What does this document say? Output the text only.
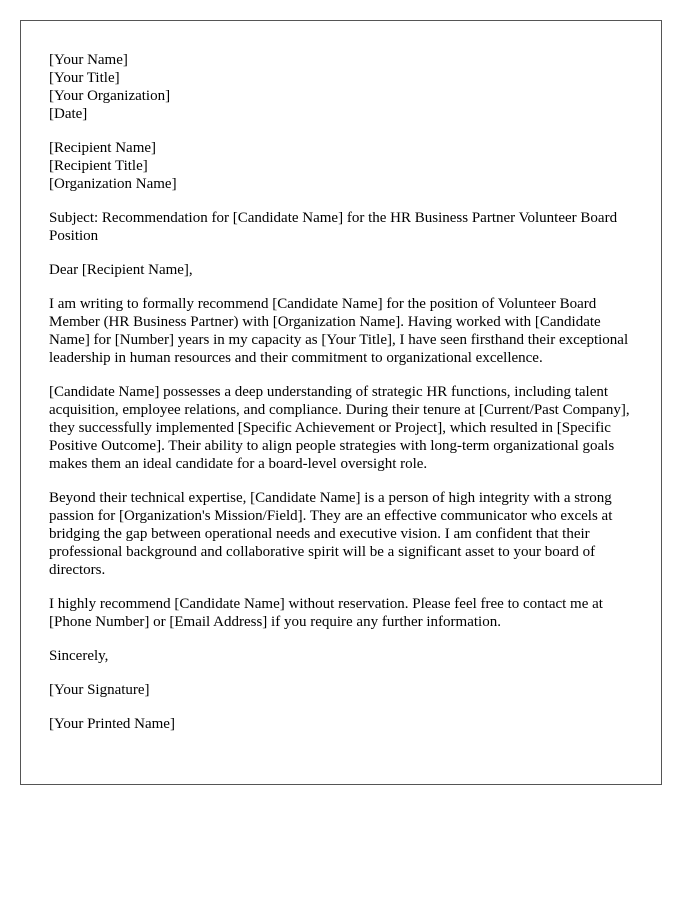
[Your Name]

[Your Title]

[Your Organization]

[Date]

[Recipient Name]

[Recipient Title]

[Organization Name]

Subject: Recommendation for [Candidate Name] for the HR Business Partner Volunteer Board Position

Dear [Recipient Name],

I am writing to formally recommend [Candidate Name] for the position of Volunteer Board Member (HR Business Partner) with [Organization Name]. Having worked with [Candidate Name] for [Number] years in my capacity as [Your Title], I have seen firsthand their exceptional leadership in human resources and their commitment to organizational excellence.

[Candidate Name] possesses a deep understanding of strategic HR functions, including talent acquisition, employee relations, and compliance. During their tenure at [Current/Past Company], they successfully implemented [Specific Achievement or Project], which resulted in [Specific Positive Outcome]. Their ability to align people strategies with long-term organizational goals makes them an ideal candidate for a board-level oversight role.

Beyond their technical expertise, [Candidate Name] is a person of high integrity with a strong passion for [Organization's Mission/Field]. They are an effective communicator who excels at bridging the gap between operational needs and executive vision. I am confident that their professional background and collaborative spirit will be a significant asset to your board of directors.

I highly recommend [Candidate Name] without reservation. Please feel free to contact me at [Phone Number] or [Email Address] if you require any further information.

Sincerely,

[Your Signature]

[Your Printed Name]
